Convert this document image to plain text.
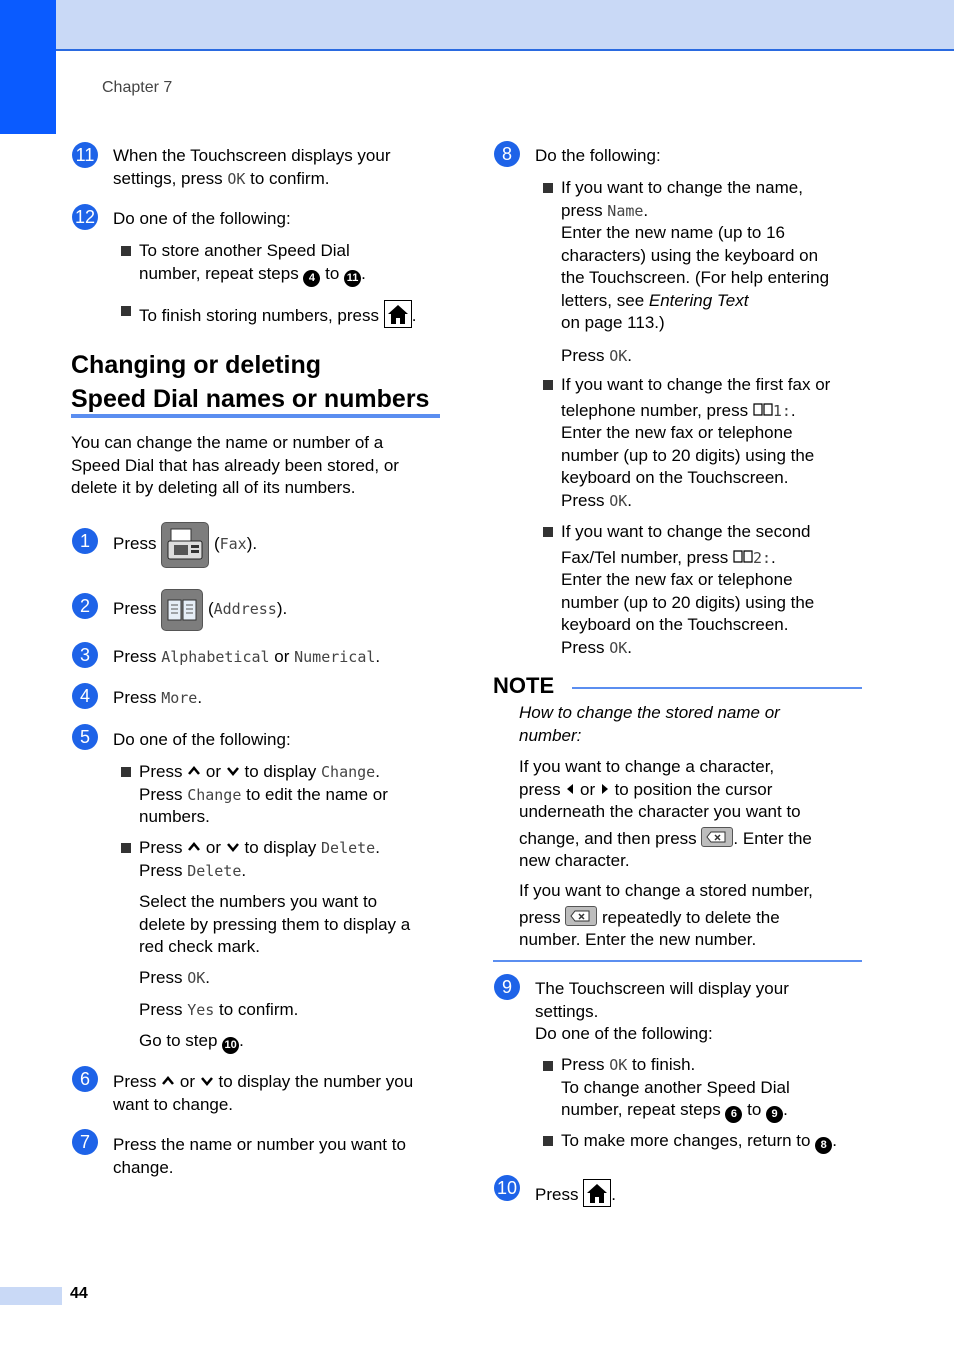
Chapter 7
44
11 When the Touchscreen displays your
settings, press OK to confirm.
12 Do one of the following:
To store another Speed Dial
number, repeat steps 4 to 11 .
To finish storing numbers, press .
Changing or deleting
Speed Dial names or numbers
You can change the name or number of a
Speed Dial that has already been stored, or
delete it by deleting all of its numbers.
1	Press	(Fax).
2	Press	(Address).
3	Press Alphabetical or Numerical.
4	Press More.
5	Do one of the following:
Press  or  to display Change.
Press Change to edit the name or
numbers.
Press  or  to display Delete.
Press Delete.
Select the numbers you want to
delete by pressing them to display a
red check mark.
Press OK.
Press Yes to confirm.
Go to step 10 .
6	Press  or  to display the number you
want to change.
7	Press the name or number you want to
change.
8	Do the following:
If you want to change the name,
press Name.
Enter the new name (up to 16
characters) using the keyboard on
the Touchscreen. (For help entering
letters, see Entering Text
on page 113.)
Press OK.
If you want to change the first fax or
telephone number, press 1:.
Enter the new fax or telephone
number (up to 20 digits) using the
keyboard on the Touchscreen.
Press OK.
If you want to change the second
Fax/Tel number, press 2:.
Enter the new fax or telephone
number (up to 20 digits) using the
keyboard on the Touchscreen.
Press OK.
NOTE
How to change the stored name or
number:
If you want to change a character,
press  or  to position the cursor
underneath the character you want to
change, and then press
. Enter the
new character.
If you want to change a stored number,
press
repeatedly to delete the
number. Enter the new number.
9	The Touchscreen will display your
settings.
Do one of the following:
Press OK to finish.
To change another Speed Dial
number, repeat steps 6 to 9 .
To make more changes, return to 8 .
10 Press .
